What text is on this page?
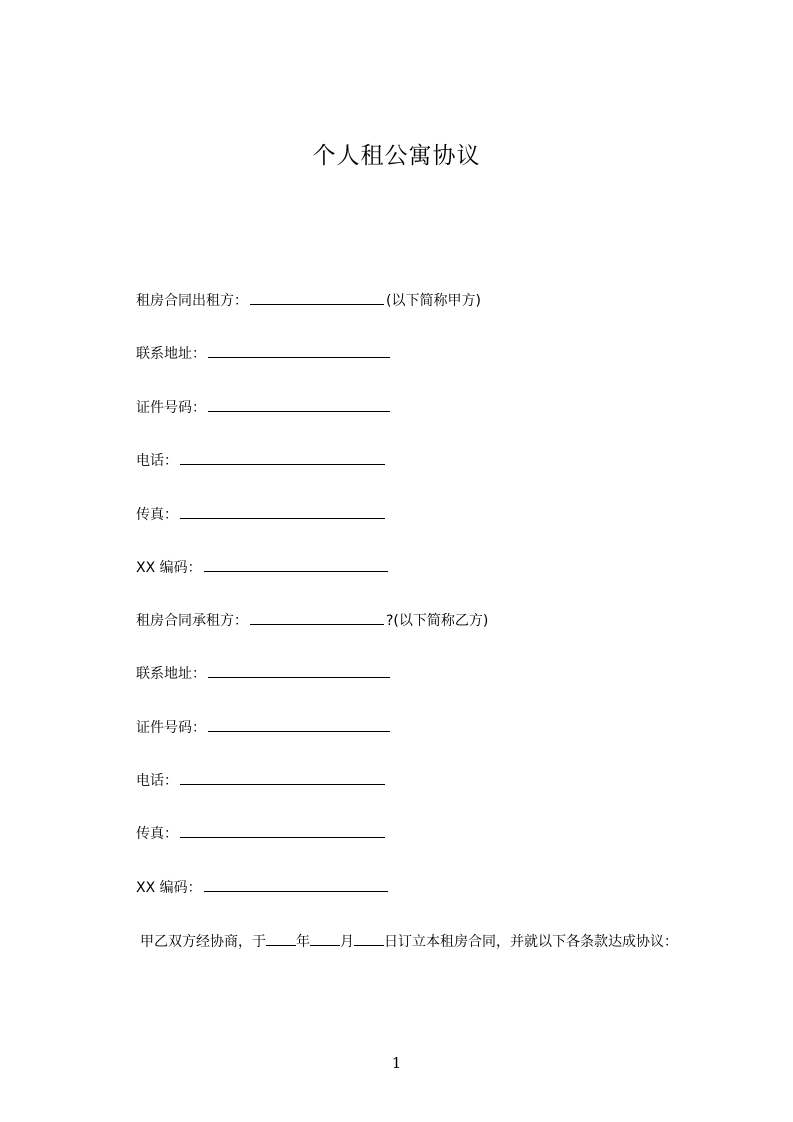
个人租公寓协议
租房合同出租方：	(以下简称甲方)
联系地址：
证件号码：
电话：
传真：
XX 编码：
租房合同承租方：	?(以下简称乙方)
联系地址：
证件号码：
电话：
传真：
XX 编码：
甲乙双方经协商，于 年 月 日订立本租房合同，并就以下各条款达成协议：
1
